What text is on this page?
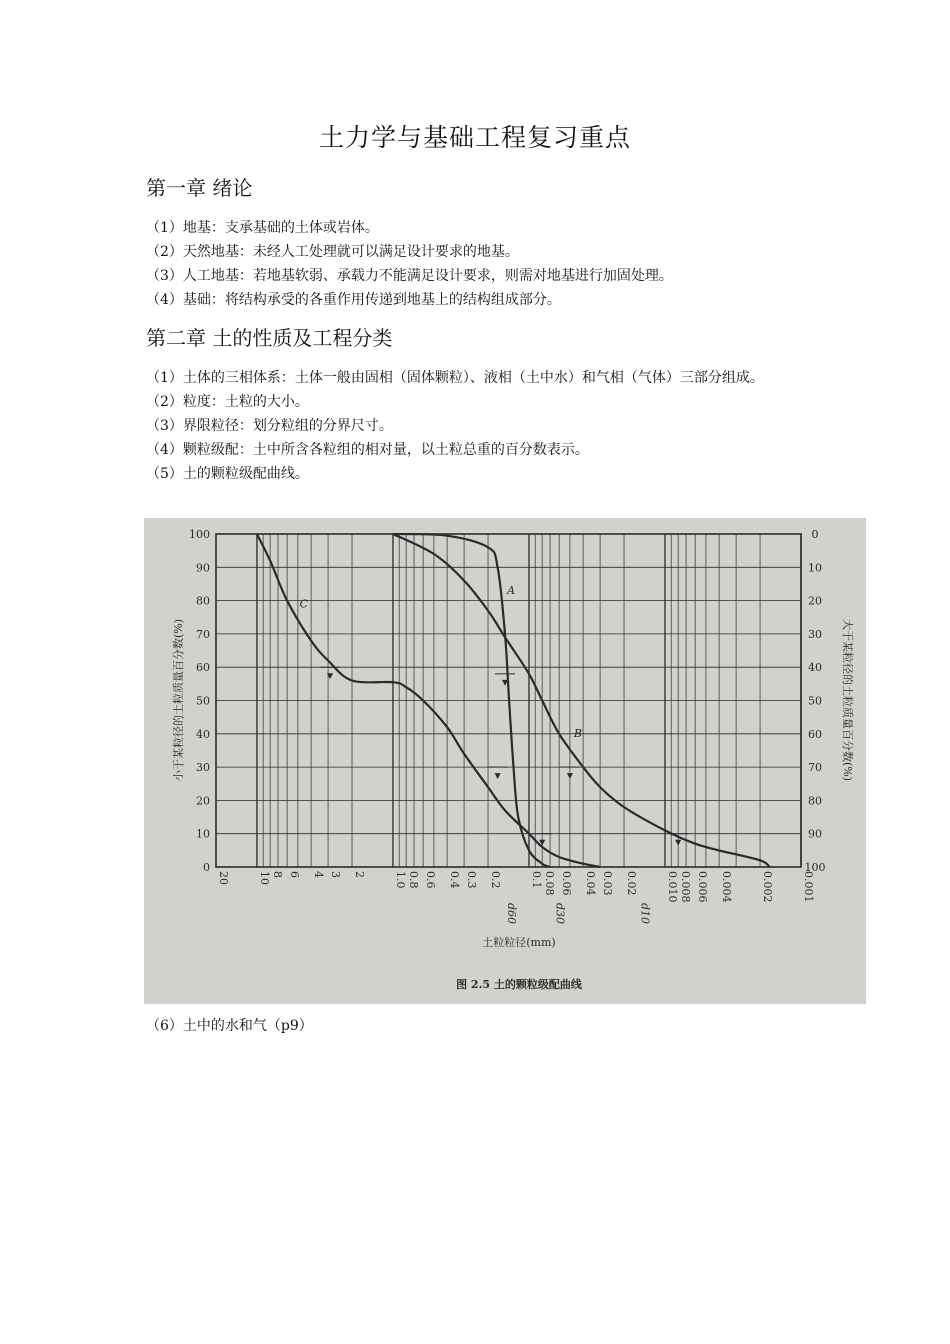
土力学与基础工程复习重点
第一章 绪论
（1）地基：支承基础的土体或岩体。
（2）天然地基：未经人工处理就可以满足设计要求的地基。
（3）人工地基：若地基软弱、承载力不能满足设计要求，则需对地基进行加固处理。
（4）基础：将结构承受的各重作用传递到地基上的结构组成部分。
第二章 土的性质及工程分类
（1）土体的三相体系：土体一般由固相（固体颗粒）、液相（土中水）和气相（气体）三部分组成。
（2）粒度：土粒的大小。
（3）界限粒径：划分粒组的分界尺寸。
（4）颗粒级配：土中所含各粒组的相对量，以土粒总重的百分数表示。
（5）土的颗粒级配曲线。
100
90
80
70
60
50
40
30
20
10
0
0
10
20
30
40
50
60
70
80
90
100
20	10 8 6 4 3 2	1.0 0.8 0.6 0.4 0.3 0.2	0.1 0.08 0.06 0.04 0.03 0.02	0.010 0.008 0.006 0.004	0.002	0.001
A
B
C
d60	d30	d10
小于某粒径的土粒质量百分数(%)	大于某粒径的土粒质量百分数(%)
土粒粒径(mm)
图 2.5 土的颗粒级配曲线
（6）土中的水和气（p9）
